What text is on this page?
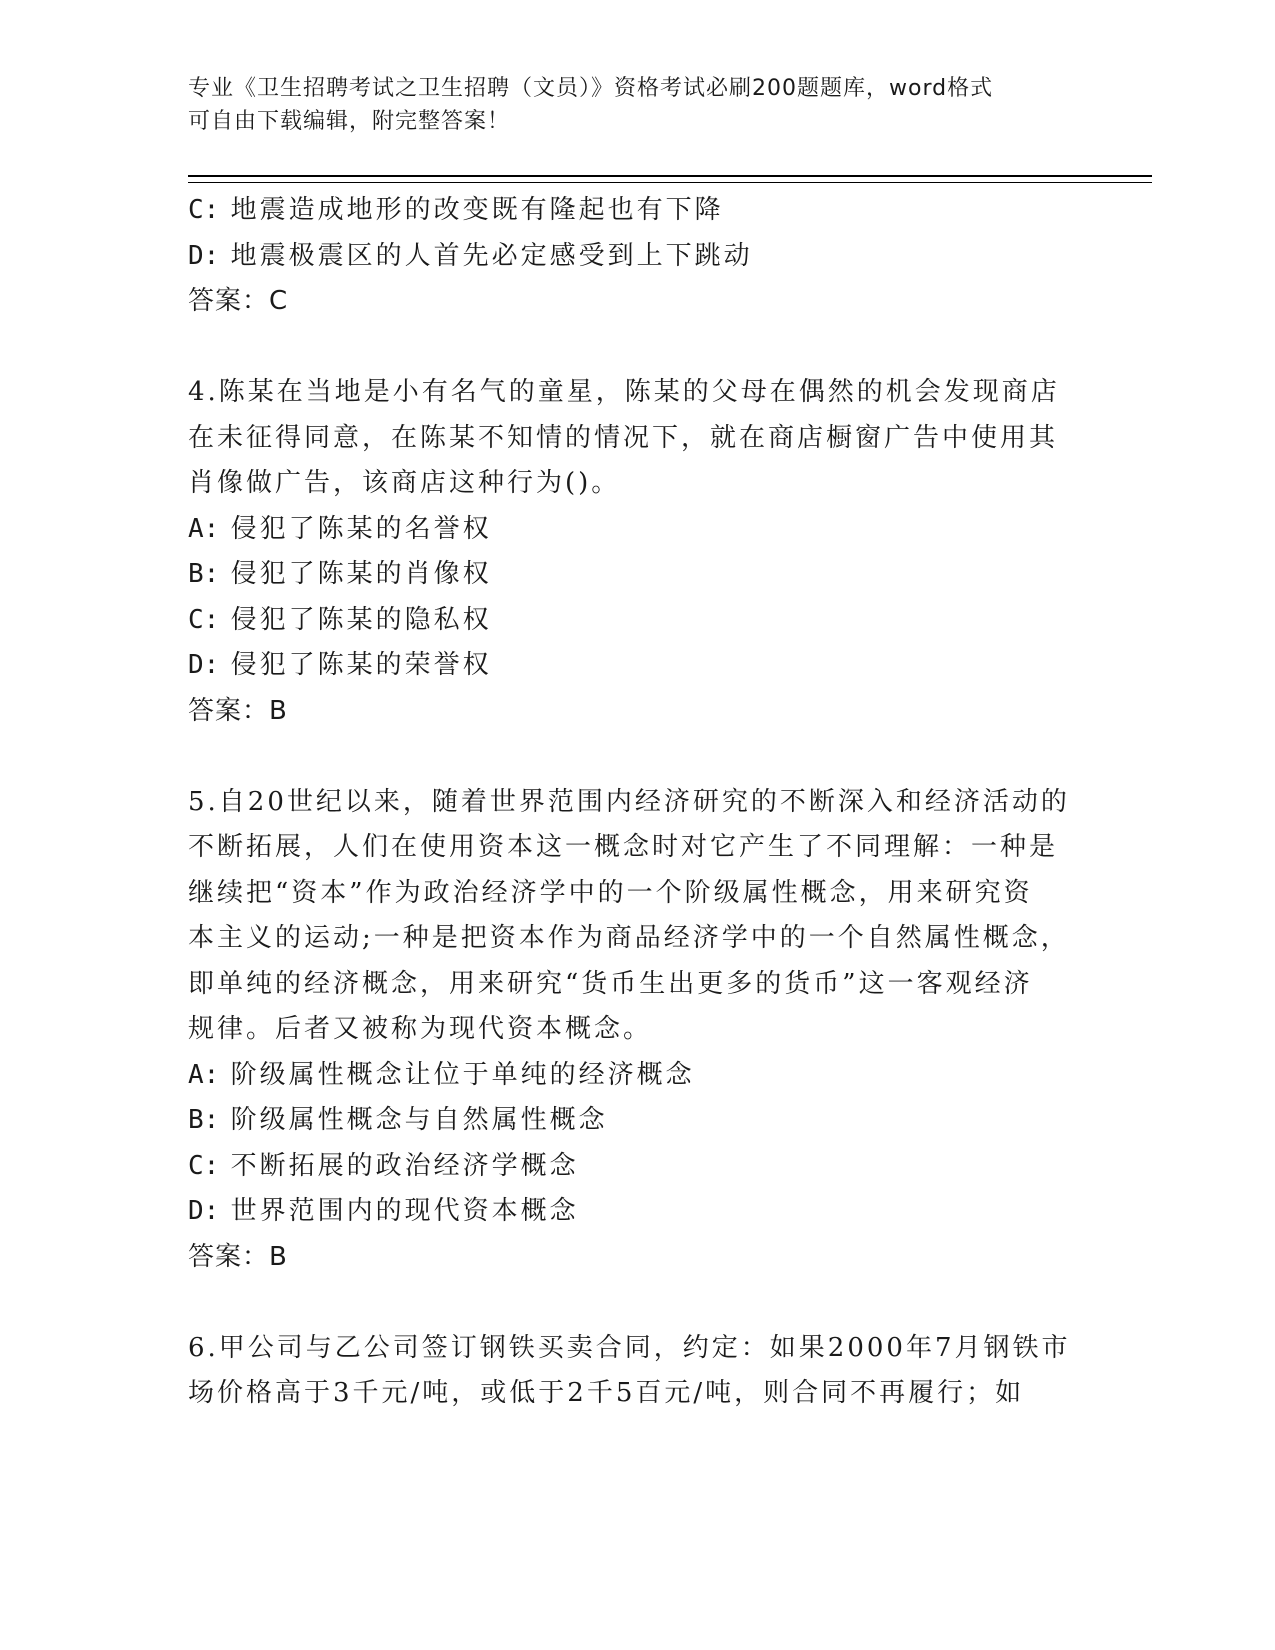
专业《卫生招聘考试之卫生招聘（文员）》资格考试必刷200题题库，word格式
可自由下载编辑，附完整答案！
C: 地震造成地形的改变既有隆起也有下降
D: 地震极震区的人首先必定感受到上下跳动
答案：C
4.陈某在当地是小有名气的童星，陈某的父母在偶然的机会发现商店
在未征得同意，在陈某不知情的情况下，就在商店橱窗广告中使用其
肖像做广告，该商店这种行为()。
A: 侵犯了陈某的名誉权
B: 侵犯了陈某的肖像权
C: 侵犯了陈某的隐私权
D: 侵犯了陈某的荣誉权
答案：B
5.自20世纪以来，随着世界范围内经济研究的不断深入和经济活动的
不断拓展，人们在使用资本这一概念时对它产生了不同理解：一种是
继续把“资本”作为政治经济学中的一个阶级属性概念，用来研究资
本主义的运动;一种是把资本作为商品经济学中的一个自然属性概念，
即单纯的经济概念，用来研究“货币生出更多的货币”这一客观经济
规律。后者又被称为现代资本概念。
A: 阶级属性概念让位于单纯的经济概念
B: 阶级属性概念与自然属性概念
C: 不断拓展的政治经济学概念
D: 世界范围内的现代资本概念
答案：B
6.甲公司与乙公司签订钢铁买卖合同，约定：如果2000年7月钢铁市
场价格高于3千元/吨，或低于2千5百元/吨，则合同不再履行；如
